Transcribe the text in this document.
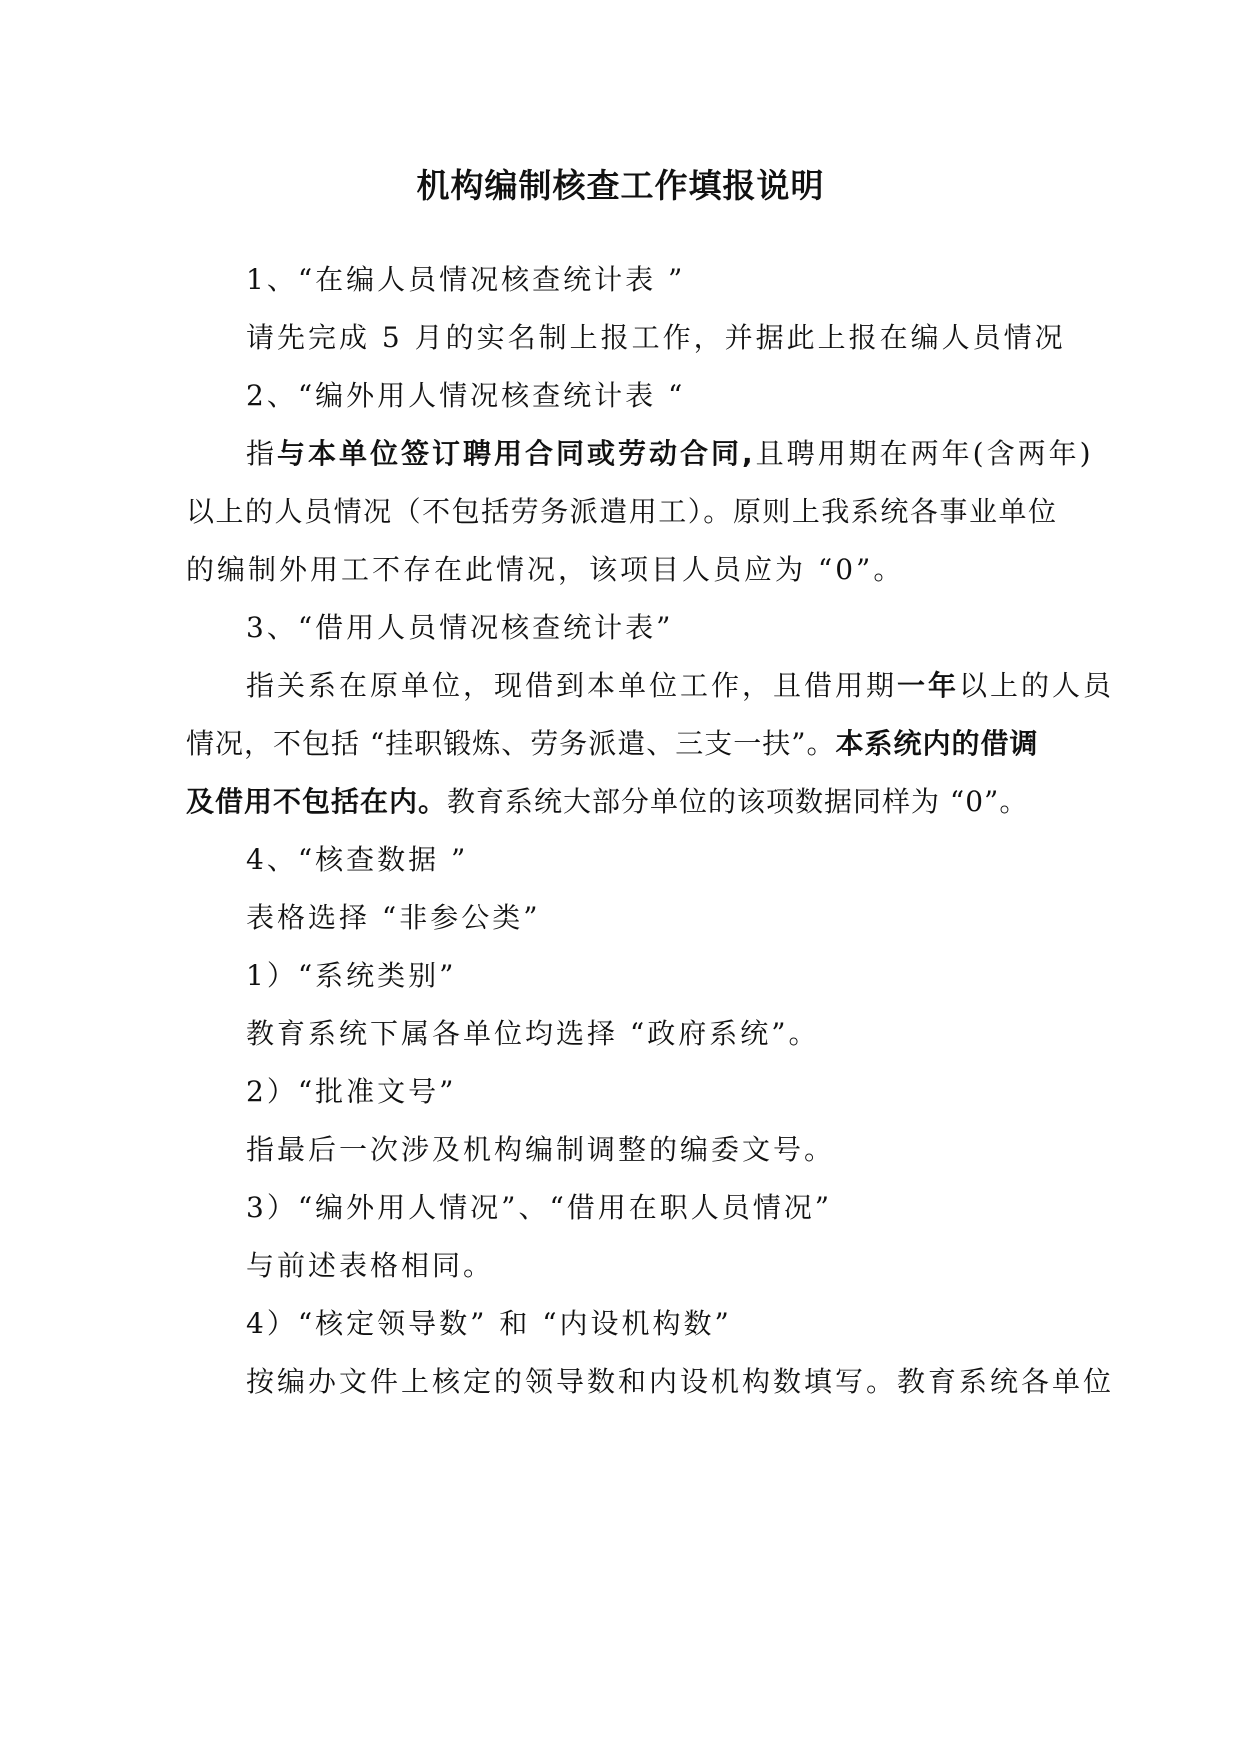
机构编制核查工作填报说明
1、“在编人员情况核查统计表 ”
请先完成 5 月的实名制上报工作，并据此上报在编人员情况
2、“编外用人情况核查统计表 “
指与本单位签订聘用合同或劳动合同,且聘用期在两年(含两年)
以上的人员情况（不包括劳务派遣用工）。原则上我系统各事业单位
的编制外用工不存在此情况，该项目人员应为 “0”。
3、“借用人员情况核查统计表”
指关系在原单位，现借到本单位工作，且借用期一年以上的人员
情况，不包括 “挂职锻炼、劳务派遣、三支一扶”。本系统内的借调
及借用不包括在内。教育系统大部分单位的该项数据同样为 “0”。
4、“核查数据 ”
表格选择 “非参公类”
1）“系统类别”
教育系统下属各单位均选择 “政府系统”。
2）“批准文号”
指最后一次涉及机构编制调整的编委文号。
3）“编外用人情况”、“借用在职人员情况”
与前述表格相同。
4）“核定领导数” 和 “内设机构数”
按编办文件上核定的领导数和内设机构数填写。教育系统各单位
